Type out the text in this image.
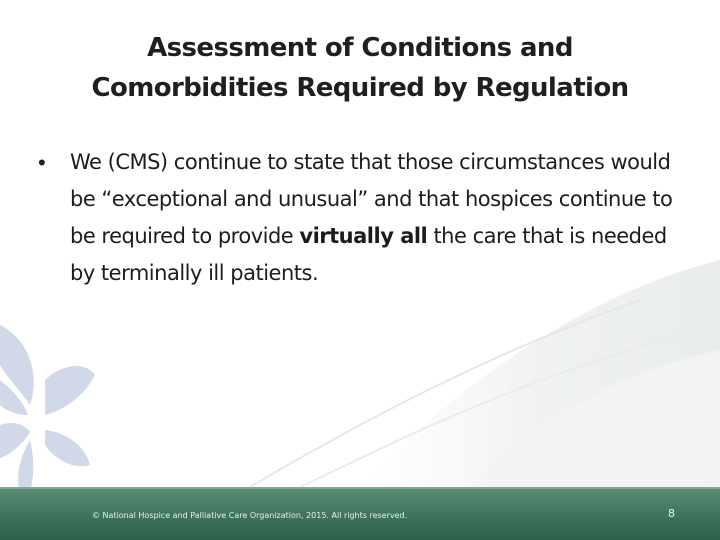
Assessment of Conditions and
Comorbidities Required by Regulation
• We (CMS) continue to state that those circumstances would be “exceptional and unusual” and that hospices continue to be required to provide virtually all the care that is needed by terminally ill patients.
© National Hospice and Palliative Care Organization, 2015. All rights reserved.	8
